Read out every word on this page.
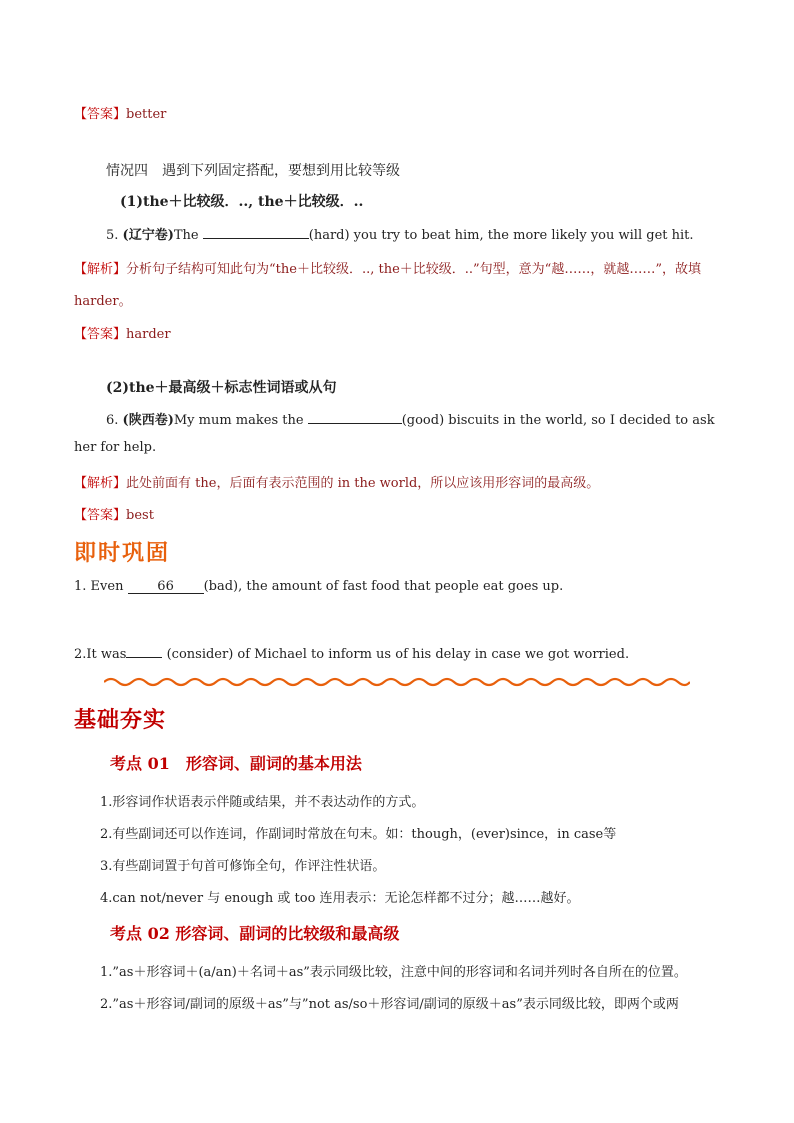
【答案】better
情况四　遇到下列固定搭配，要想到用比较等级
(1)the＋比较级．.., the＋比较级．..
5. (辽宁卷)The	(hard) you try to beat him, the more likely you will get hit.
【解析】分析句子结构可知此句为“the＋比较级．.., the＋比较级．..”句型，意为“越……，就越……”，故填
harder。
【答案】harder
(2)the＋最高级＋标志性词语或从句
6. (陕西卷)My mum makes the	(good) biscuits in the world, so I decided to ask
her for help.
【解析】此处前面有 the，后面有表示范围的 in the world，所以应该用形容词的最高级。
【答案】best
即时巩固
1. Even	66 (bad), the amount of fast food that people eat goes up.
2.It was	(consider) of Michael to inform us of his delay in case we got worried.
基础夯实
考点 01　形容词、副词的基本用法
1.形容词作状语表示伴随或结果，并不表达动作的方式。
2.有些副词还可以作连词，作副词时常放在句末。如：though，(ever)since，in case等
3.有些副词置于句首可修饰全句，作评注性状语。
4.can not/never 与 enough 或 too 连用表示：无论怎样都不过分；越……越好。
考点 02 形容词、副词的比较级和最高级
1.”as＋形容词＋(a/an)＋名词＋as”表示同级比较，注意中间的形容词和名词并列时各自所在的位置。
2.”as＋形容词/副词的原级＋as”与”not as/so＋形容词/副词的原级＋as”表示同级比较，即两个或两
